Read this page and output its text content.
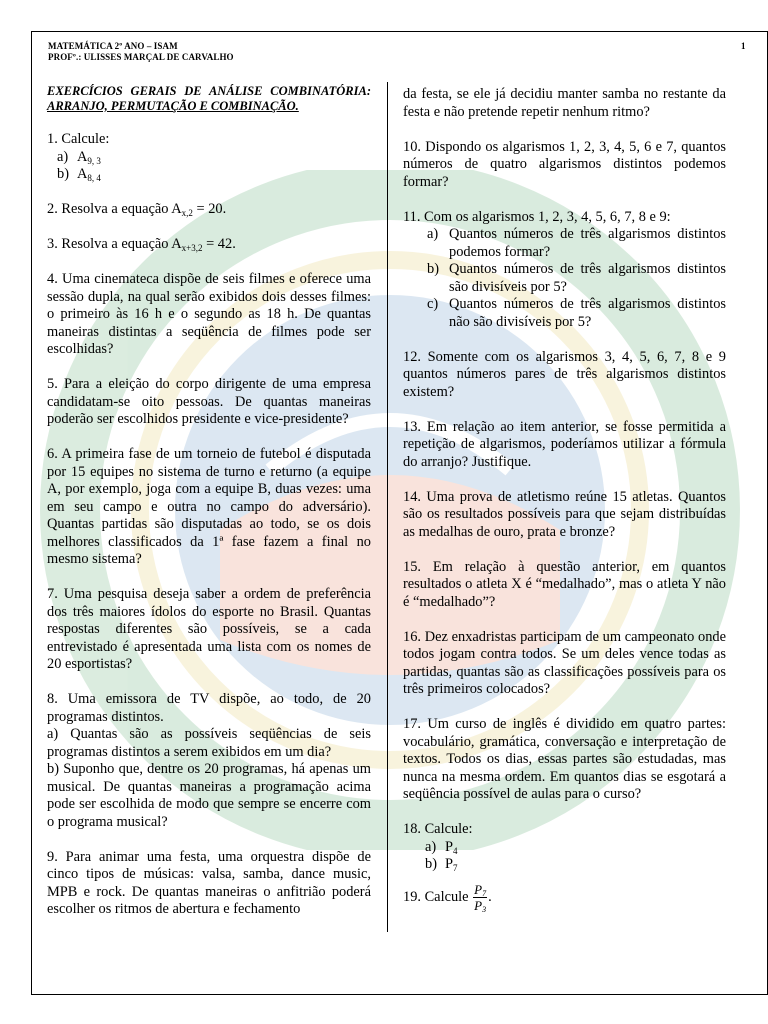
MATEMÁTICA 2º ANO – ISAM
PROFº.: ULISSES MARÇAL DE CARVALHO
1
EXERCÍCIOS GERAIS DE ANÁLISE COMBINATÓRIA: ARRANJO, PERMUTAÇÃO E COMBINAÇÃO.
1. Calcule:
a) $A_{9, 3}$
b) $A_{8, 4}$
2. Resolva a equação $A_{x,2} = 20$.
3. Resolva a equação $A_{x+3,2} = 42$.
4. Uma cinemateca dispõe de seis filmes e oferece uma sessão dupla, na qual serão exibidos dois desses filmes: o primeiro às 16 h e o segundo as 18 h. De quantas maneiras distintas a seqüência de filmes pode ser escolhidas?
5. Para a eleição do corpo dirigente de uma empresa candidatam-se oito pessoas. De quantas maneiras poderão ser escolhidos presidente e vice-presidente?
6. A primeira fase de um torneio de futebol é disputada por 15 equipes no sistema de turno e returno (a equipe A, por exemplo, joga com a equipe B, duas vezes: uma em seu campo e outra no campo do adversário). Quantas partidas são disputadas ao todo, se os dois melhores classificados da 1ª fase fazem a final no mesmo sistema?
7. Uma pesquisa deseja saber a ordem de preferência dos três maiores ídolos do esporte no Brasil. Quantas respostas diferentes são possíveis, se a cada entrevistado é apresentada uma lista com os nomes de 20 esportistas?
8. Uma emissora de TV dispõe, ao todo, de 20 programas distintos.
a) Quantas são as possíveis seqüências de seis programas distintos a serem exibidos em um dia?
b) Suponho que, dentre os 20 programas, há apenas um musical. De quantas maneiras a programação acima pode ser escolhida de modo que sempre se encerre com o programa musical?
9. Para animar uma festa, uma orquestra dispõe de cinco tipos de músicas: valsa, samba, dance music, MPB e rock. De quantas maneiras o anfitrião poderá escolher os ritmos de abertura e fechamento
da festa, se ele já decidiu manter samba no restante da festa e não pretende repetir nenhum ritmo?
10. Dispondo os algarismos 1, 2, 3, 4, 5, 6 e 7, quantos números de quatro algarismos distintos podemos formar?
11. Com os algarismos 1, 2, 3, 4, 5, 6, 7, 8 e 9:
a) Quantos números de três algarismos distintos podemos formar?
b) Quantos números de três algarismos distintos são divisíveis por 5?
c) Quantos números de três algarismos distintos não são divisíveis por 5?
12. Somente com os algarismos 3, 4, 5, 6, 7, 8 e 9 quantos números pares de três algarismos distintos existem?
13. Em relação ao item anterior, se fosse permitida a repetição de algarismos, poderíamos utilizar a fórmula do arranjo? Justifique.
14. Uma prova de atletismo reúne 15 atletas. Quantos são os resultados possíveis para que sejam distribuídas as medalhas de ouro, prata e bronze?
15. Em relação à questão anterior, em quantos resultados o atleta X é “medalhado”, mas o atleta Y não é “medalhado”?
16. Dez enxadristas participam de um campeonato onde todos jogam contra todos. Se um deles vence todas as partidas, quantas são as classificações possíveis para os três primeiros colocados?
17. Um curso de inglês é dividido em quatro partes: vocabulário, gramática, conversação e interpretação de textos. Todos os dias, essas partes são estudadas, mas nunca na mesma ordem. Em quantos dias se esgotará a seqüência possível de aulas para o curso?
18. Calcule:
a) $P_4$
b) $P_7$
19. Calcule $\frac{P_7}{P_3}$ .
